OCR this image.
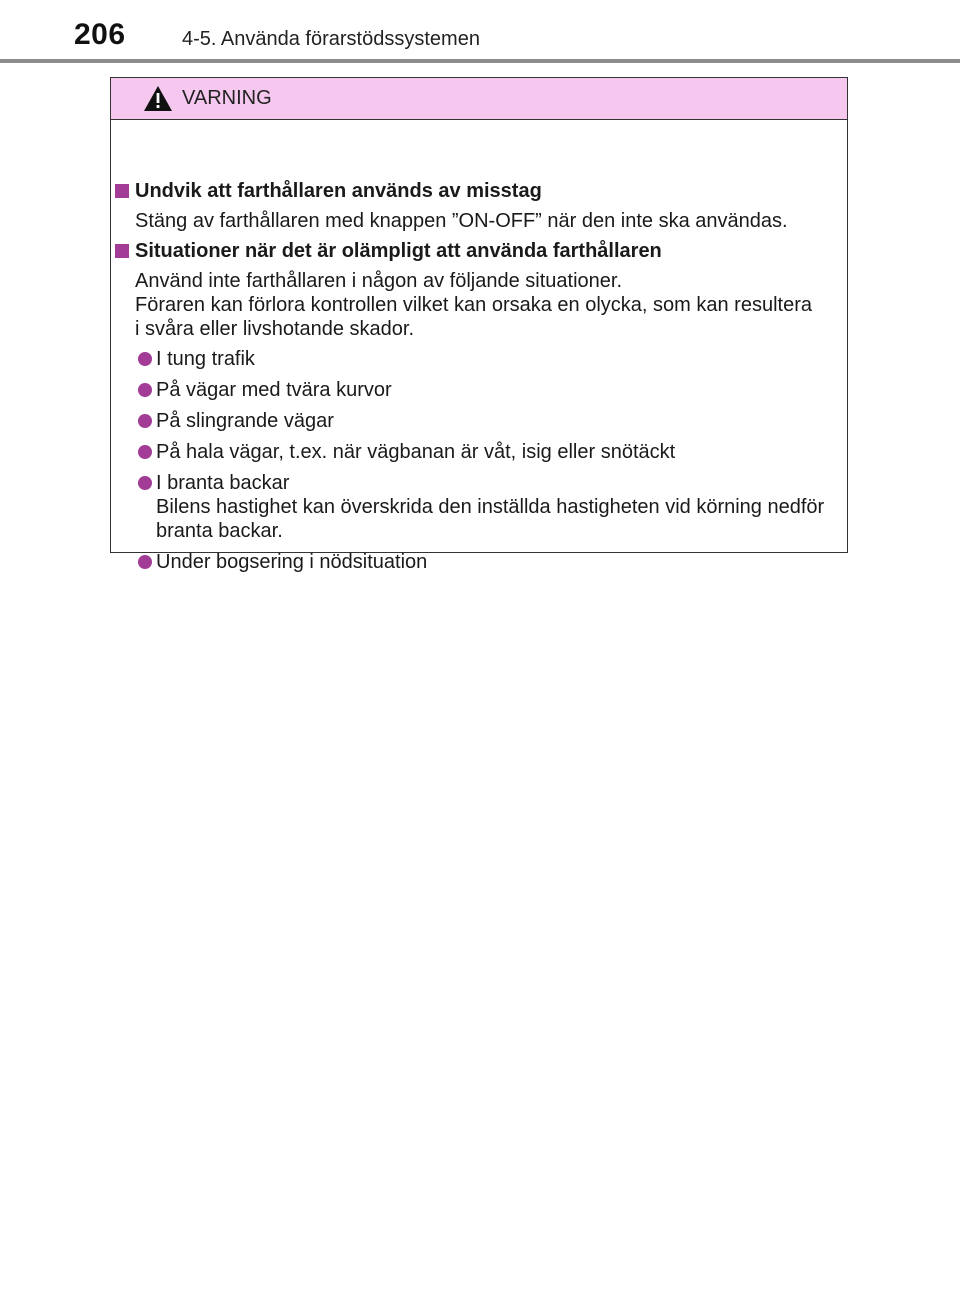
206	4-5. Använda förarstödssystemen
VARNING
Undvik att farthållaren används av misstag
Stäng av farthållaren med knappen ”ON-OFF” när den inte ska användas.
Situationer när det är olämpligt att använda farthållaren
Använd inte farthållaren i någon av följande situationer.
Föraren kan förlora kontrollen vilket kan orsaka en olycka, som kan resultera
i svåra eller livshotande skador.
I tung trafik
På vägar med tvära kurvor
På slingrande vägar
På hala vägar, t.ex. när vägbanan är våt, isig eller snötäckt
I branta backar
Bilens hastighet kan överskrida den inställda hastigheten vid körning nedför
branta backar.
Under bogsering i nödsituation
